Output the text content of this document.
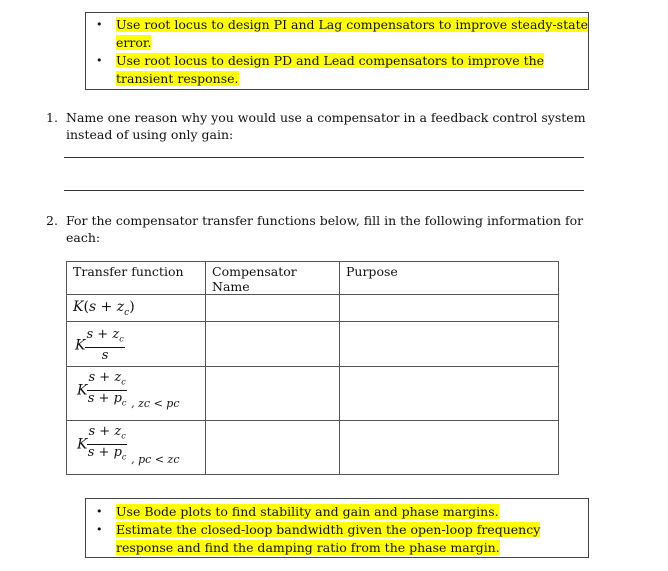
• Use root locus to design PI and Lag compensators to improve steady-state error.
• Use root locus to design PD and Lead compensators to improve the transient response.
1. Name one reason why you would use a compensator in a feedback control system instead of using only gain:
2. For the compensator transfer functions below, fill in the following information for each:
Transfer function	Compensator Name	Purpose

$K(s + z_c)$		

K $\frac{s + z_c}{s}$

K $\frac{s + z_c}{s + p_c} _{, zc < pc}$

K $\frac{s + z_c}{s + p_c} _{, pc < zc}$

• Use Bode plots to find stability and gain and phase margins.
• Estimate the closed-loop bandwidth given the open-loop frequency response and find the damping ratio from the phase margin.
